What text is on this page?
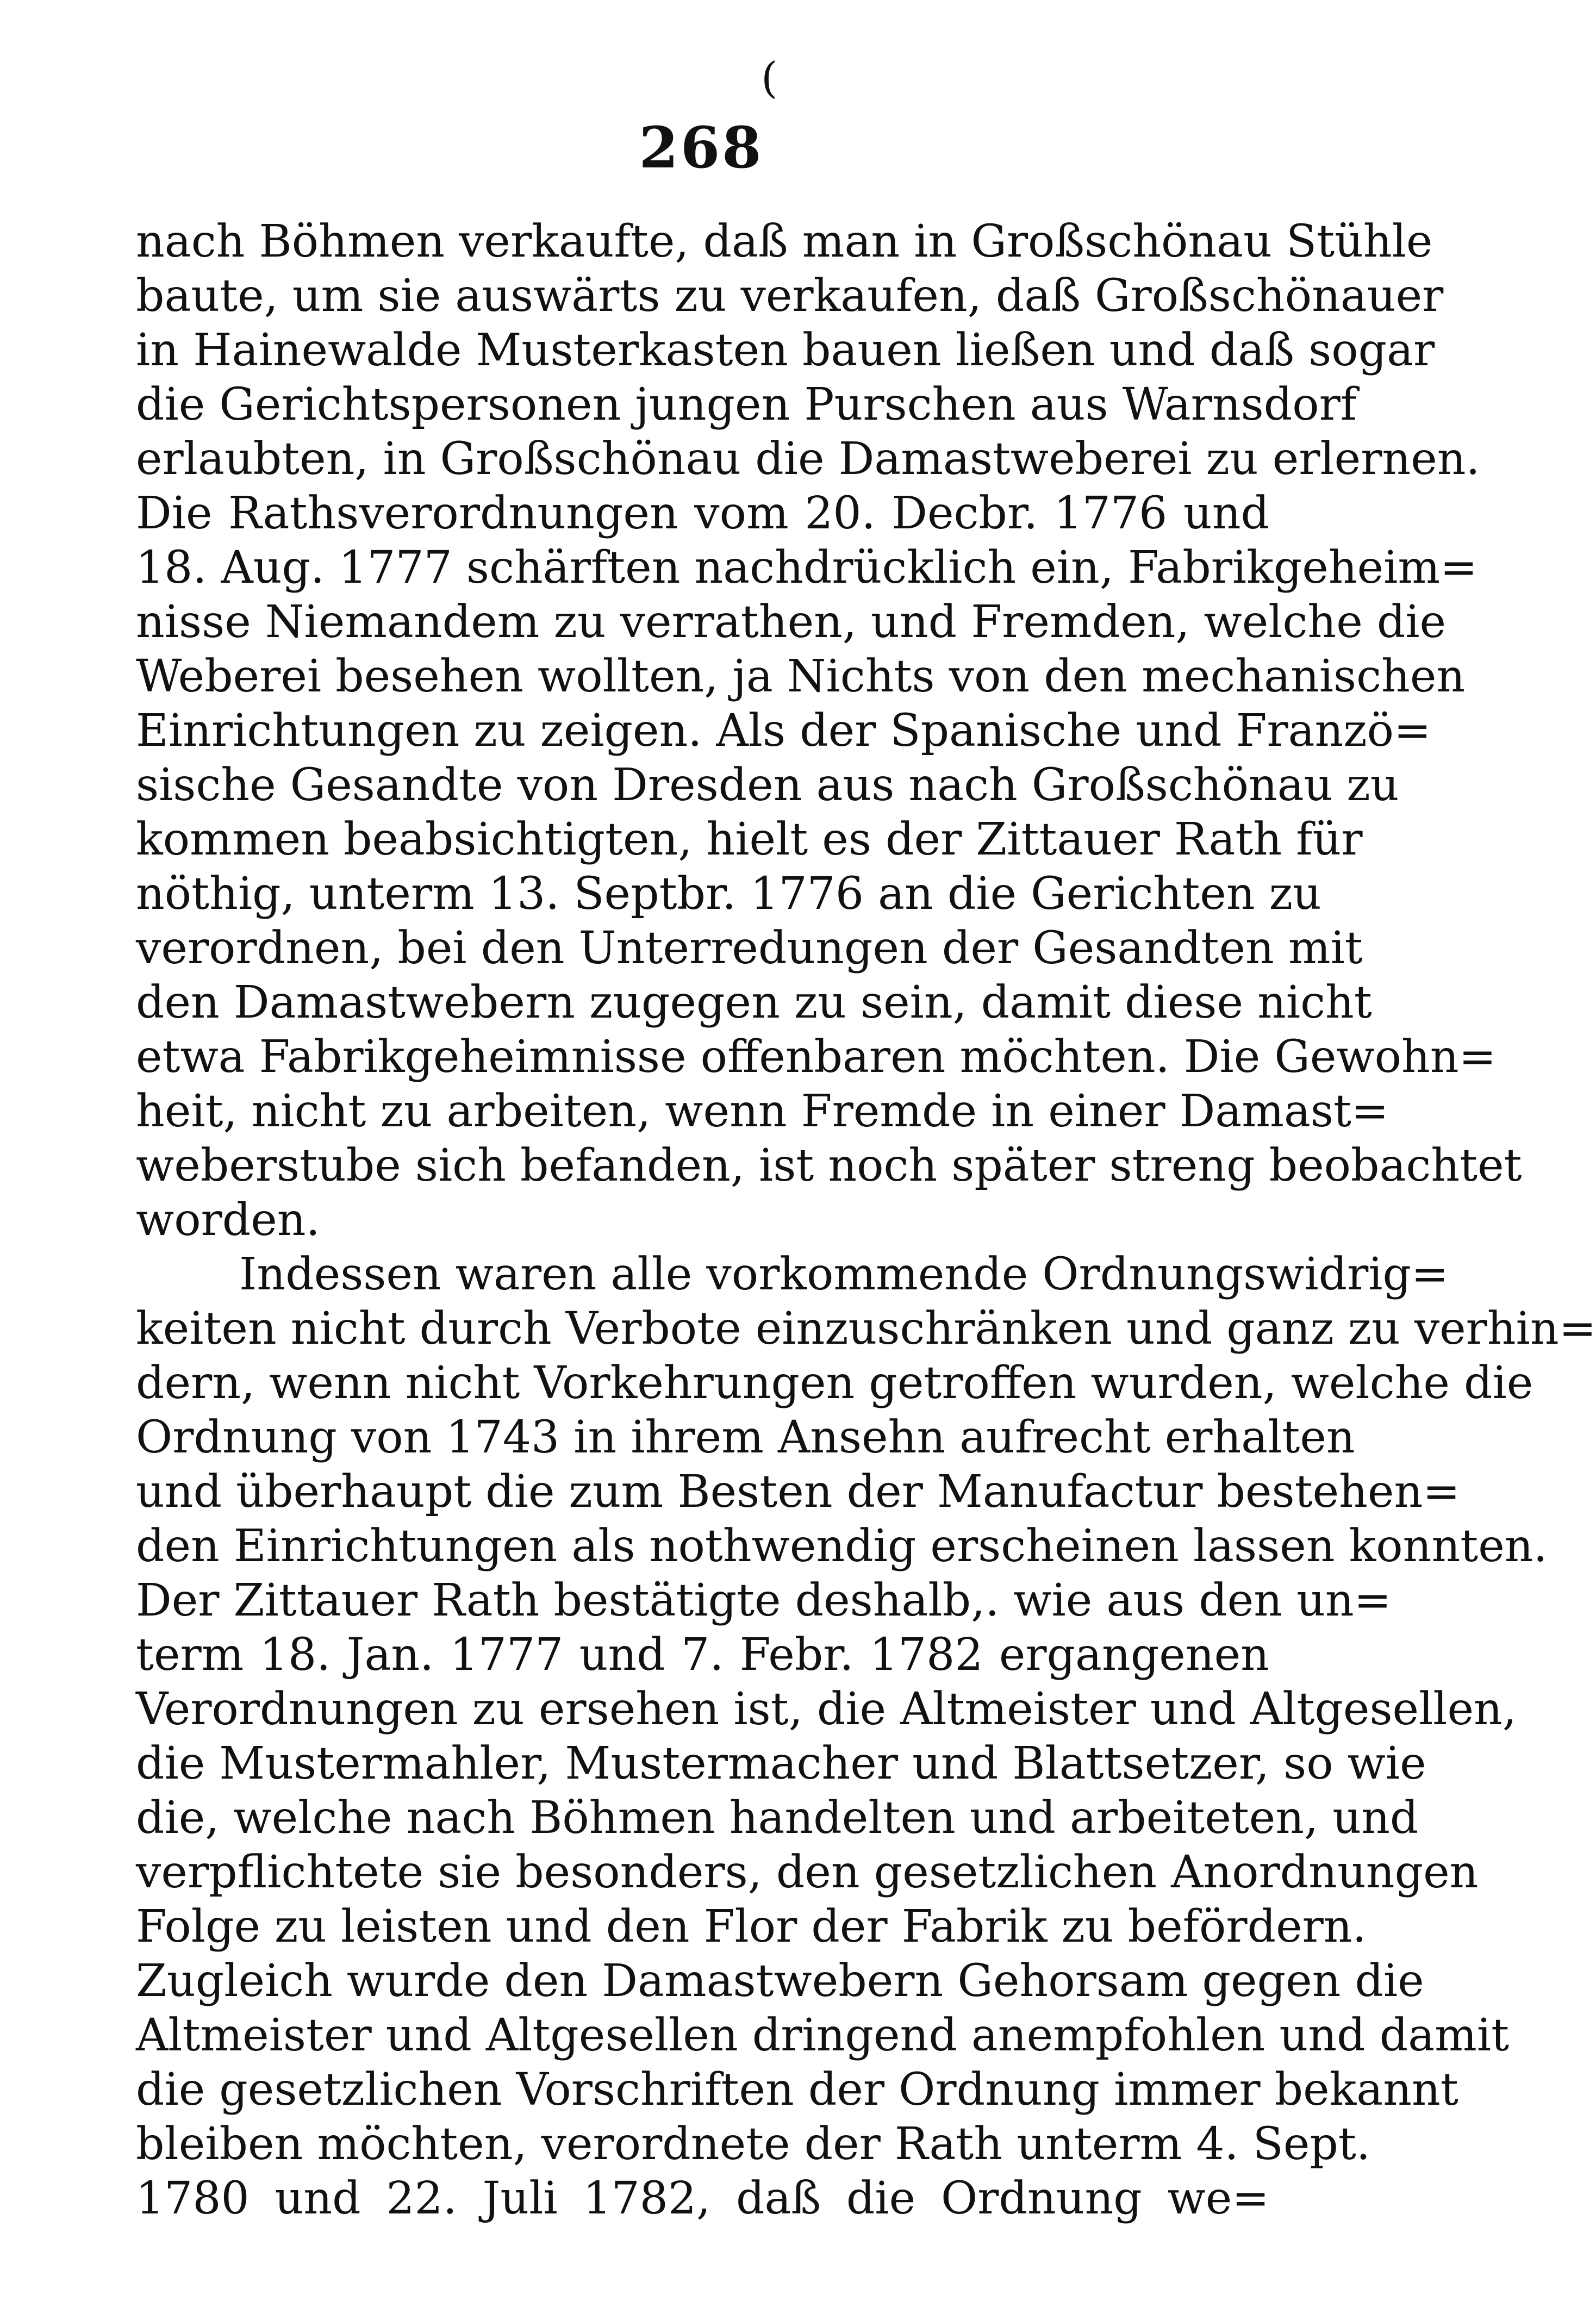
(
268
nach Böhmen verkaufte, daß man in Großschönau Stühle
baute, um sie auswärts zu verkaufen, daß Großschönauer
in Hainewalde Musterkasten bauen ließen und daß sogar
die Gerichtspersonen jungen Purschen aus Warnsdorf
erlaubten, in Großschönau die Damastweberei zu erlernen.
Die Rathsverordnungen vom 20. Decbr. 1776 und
18. Aug. 1777 schärften nachdrücklich ein, Fabrikgeheim=
nisse Niemandem zu verrathen, und Fremden, welche die
Weberei besehen wollten, ja Nichts von den mechanischen
Einrichtungen zu zeigen. Als der Spanische und Franzö=
sische Gesandte von Dresden aus nach Großschönau zu
kommen beabsichtigten, hielt es der Zittauer Rath für
nöthig, unterm 13. Septbr. 1776 an die Gerichten zu
verordnen, bei den Unterredungen der Gesandten mit
den Damastwebern zugegen zu sein, damit diese nicht
etwa Fabrikgeheimnisse offenbaren möchten. Die Gewohn=
heit, nicht zu arbeiten, wenn Fremde in einer Damast=
weberstube sich befanden, ist noch später streng beobachtet
worden.
Indessen waren alle vorkommende Ordnungswidrig=
keiten nicht durch Verbote einzuschränken und ganz zu verhin=
dern, wenn nicht Vorkehrungen getroffen wurden, welche die
Ordnung von 1743 in ihrem Ansehn aufrecht erhalten
und überhaupt die zum Besten der Manufactur bestehen=
den Einrichtungen als nothwendig erscheinen lassen konnten.
Der Zittauer Rath bestätigte deshalb,. wie aus den un=
term 18. Jan. 1777 und 7. Febr. 1782 ergangenen
Verordnungen zu ersehen ist, die Altmeister und Altgesellen,
die Mustermahler, Mustermacher und Blattsetzer, so wie
die, welche nach Böhmen handelten und arbeiteten, und
verpflichtete sie besonders, den gesetzlichen Anordnungen
Folge zu leisten und den Flor der Fabrik zu befördern.
Zugleich wurde den Damastwebern Gehorsam gegen die
Altmeister und Altgesellen dringend anempfohlen und damit
die gesetzlichen Vorschriften der Ordnung immer bekannt
bleiben möchten, verordnete der Rath unterm 4. Sept.
1780 und 22. Juli 1782, daß die Ordnung we=
